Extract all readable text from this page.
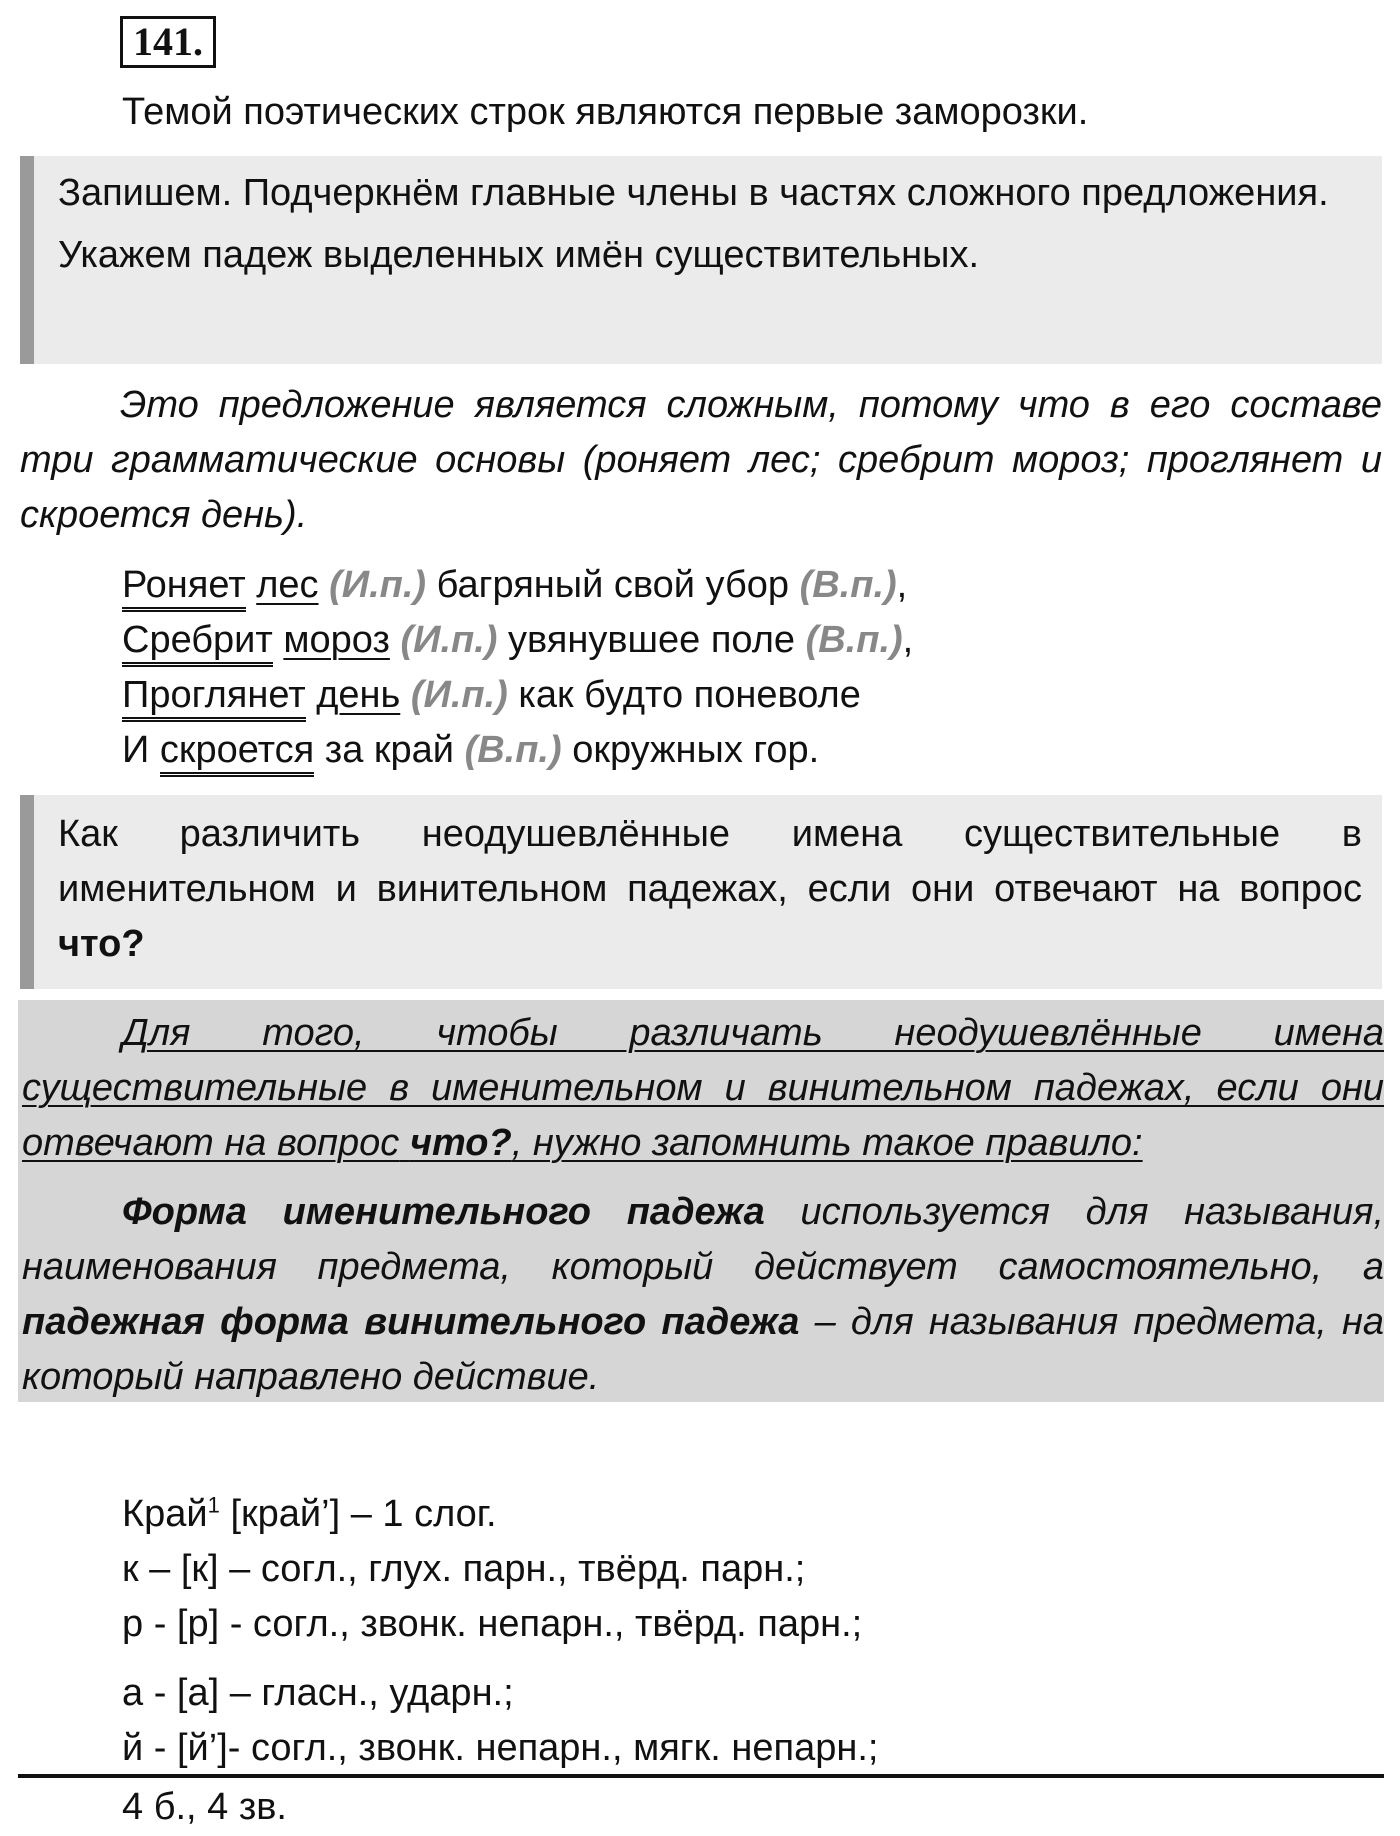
141.
Темой поэтических строк являются первые заморозки.

Запишем. Подчеркнём главные члены в частях сложного предложения.

Укажем падеж выделенных имён существительных.

Это предложение является сложным, потому что в его составе три грамматические основы (роняет лес; сребрит мороз; проглянет и скроется день).

Роняет лес (И.п.) багряный свой убор (В.п.),
Сребрит мороз (И.п.) увянувшее поле (В.п.),
Проглянет день (И.п.) как будто поневоле
И скроется за край (В.п.) окружных гор.

Как различить неодушевлённые имена существительные в именительном и винительном падежах, если они отвечают на вопрос что?

Для того, чтобы различать неодушевлённые имена существительные в именительном и винительном падежах, если они отвечают на вопрос что?, нужно запомнить такое правило:

Форма именительного падежа используется для называния, наименования предмета, который действует самостоятельно, а падежная форма винительного падежа – для называния предмета, на который направлено действие.

Край$^1$ [край’] – 1 слог.
к – [к] – согл., глух. парн., твёрд. парн.;
р - [р] - согл., звонк. непарн., твёрд. парн.;
а - [а] – гласн., ударн.;
й - [й’]- согл., звонк. непарн., мягк. непарн.;
4 б., 4 зв.
